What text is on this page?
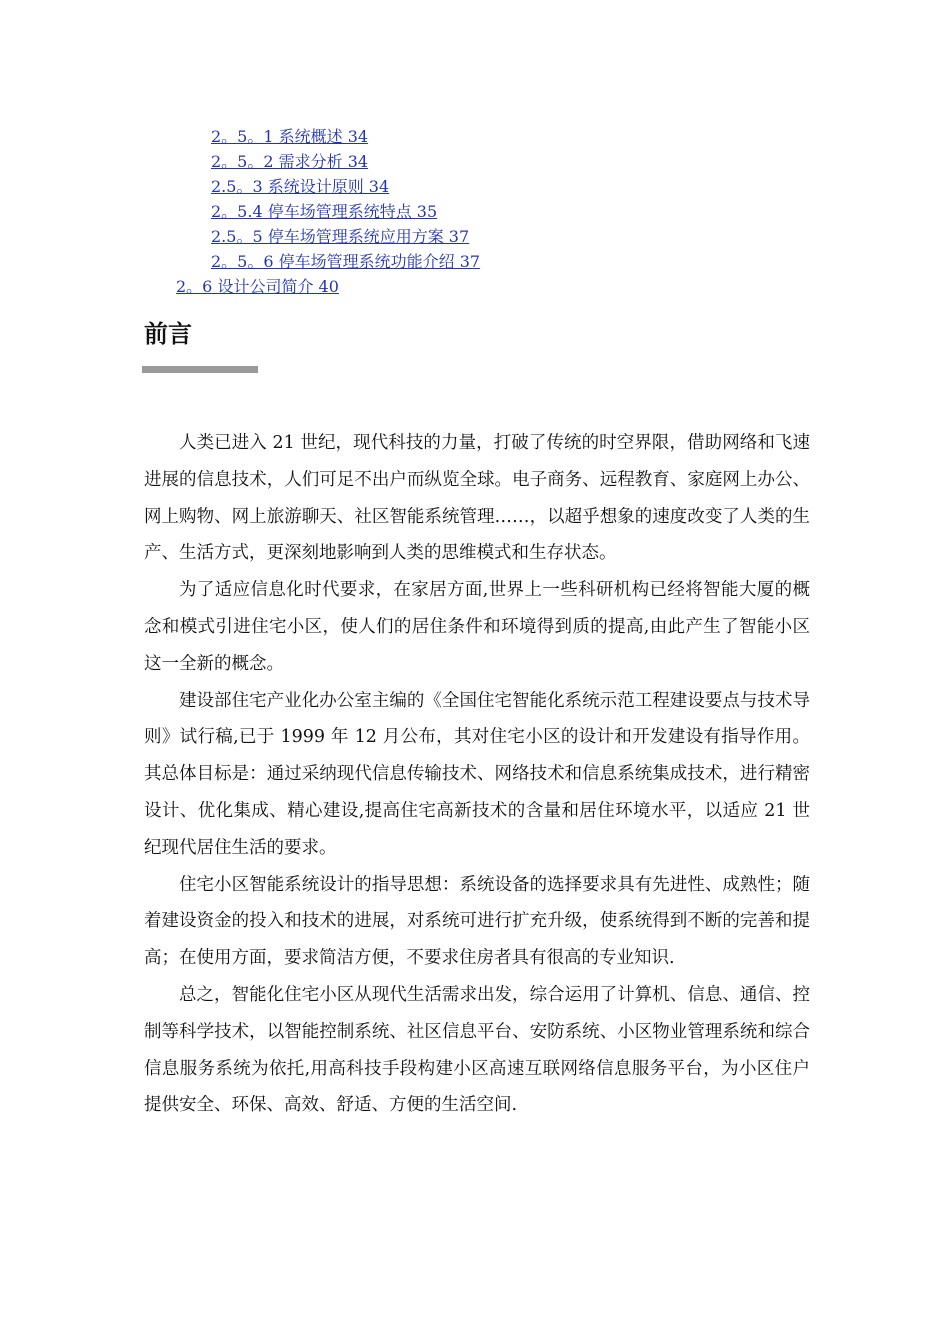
2。5。1 系统概述 34
2。5。2 需求分析 34
2.5。3 系统设计原则 34
2。5.4 停车场管理系统特点 35
2.5。5 停车场管理系统应用方案 37
2。5。6 停车场管理系统功能介绍 37
2。6 设计公司简介 40
前言

人类已进入 21 世纪，现代科技的力量，打破了传统的时空界限，借助网络和飞速进展的信息技术，人们可足不出户而纵览全球。电子商务、远程教育、家庭网上办公、网上购物、网上旅游聊天、社区智能系统管理……，以超乎想象的速度改变了人类的生产、生活方式，更深刻地影响到人类的思维模式和生存状态。

为了适应信息化时代要求，在家居方面,世界上一些科研机构已经将智能大厦的概念和模式引进住宅小区，使人们的居住条件和环境得到质的提高,由此产生了智能小区这一全新的概念。

建设部住宅产业化办公室主编的《全国住宅智能化系统示范工程建设要点与技术导则》试行稿,已于 1999 年 12 月公布，其对住宅小区的设计和开发建设有指导作用。其总体目标是：通过采纳现代信息传输技术、网络技术和信息系统集成技术，进行精密设计、优化集成、精心建设,提高住宅高新技术的含量和居住环境水平，以适应 21 世纪现代居住生活的要求。

住宅小区智能系统设计的指导思想：系统设备的选择要求具有先进性、成熟性；随着建设资金的投入和技术的进展，对系统可进行扩充升级，使系统得到不断的完善和提高；在使用方面，要求简洁方便，不要求住房者具有很高的专业知识.

总之，智能化住宅小区从现代生活需求出发，综合运用了计算机、信息、通信、控制等科学技术，以智能控制系统、社区信息平台、安防系统、小区物业管理系统和综合信息服务系统为依托,用高科技手段构建小区高速互联网络信息服务平台，为小区住户提供安全、环保、高效、舒适、方便的生活空间.
